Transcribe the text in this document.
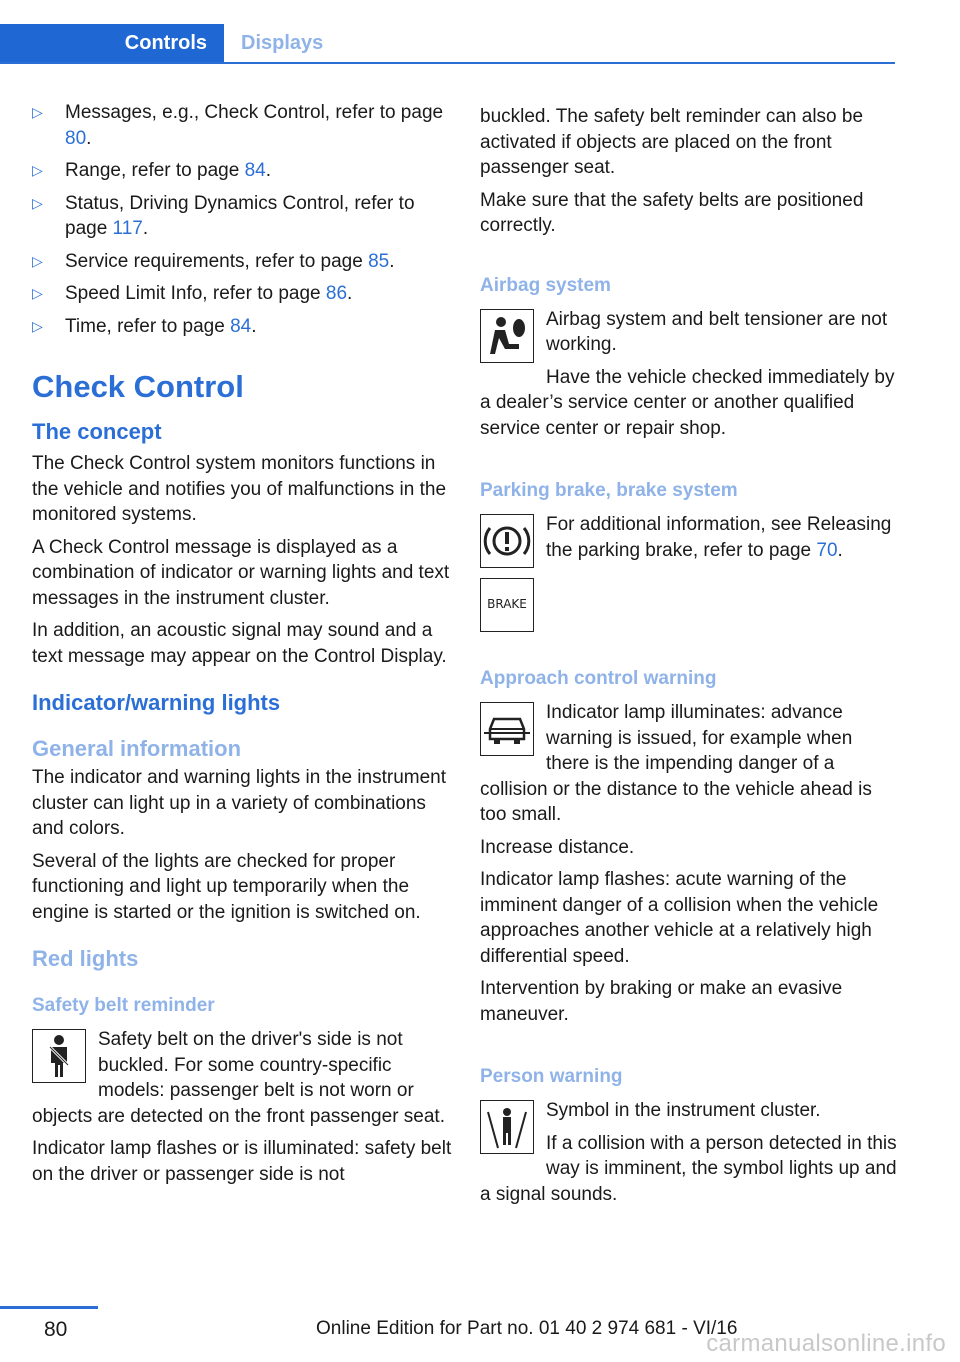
Controls Displays
▷	Messages, e.g., Check Control, refer to page 80.
▷	Range, refer to page 84.
▷	Status, Driving Dynamics Control, refer to page 117.
▷	Service requirements, refer to page 85.
▷	Speed Limit Info, refer to page 86.
▷	Time, refer to page 84.
Check Control
The concept

The Check Control system monitors functions in the vehicle and notifies you of malfunctions in the monitored systems.

A Check Control message is displayed as a combination of indicator or warning lights and text messages in the instrument cluster.

In addition, an acoustic signal may sound and a text message may appear on the Control Display.

Indicator/warning lights
General information

The indicator and warning lights in the instrument cluster can light up in a variety of combinations and colors.

Several of the lights are checked for proper functioning and light up temporarily when the engine is started or the ignition is switched on.

Red lights
Safety belt reminder

Safety belt on the driver's side is not buckled. For some country-specific models: passenger belt is not worn or objects are detected on the front passenger seat.

Indicator lamp flashes or is illuminated: safety belt on the driver or passenger side is not

buckled. The safety belt reminder can also be activated if objects are placed on the front passenger seat.

Make sure that the safety belts are positioned correctly.

Airbag system

Airbag system and belt tensioner are not working.

Have the vehicle checked immediately by a dealer’s service center or another qualified service center or repair shop.

Parking brake, brake system

For additional information, see Releasing the parking brake, refer to page 70.

BRAKE
Approach control warning

Indicator lamp illuminates: advance warning is issued, for example when there is the impending danger of a collision or the distance to the vehicle ahead is too small.

Increase distance.

Indicator lamp flashes: acute warning of the imminent danger of a collision when the vehicle approaches another vehicle at a relatively high differential speed.

Intervention by braking or make an evasive maneuver.

Person warning

Symbol in the instrument cluster.

If a collision with a person detected in this way is imminent, the symbol lights up and a signal sounds.

80	Online Edition for Part no. 01 40 2 974 681 - VI/16
carmanualsonline.info
